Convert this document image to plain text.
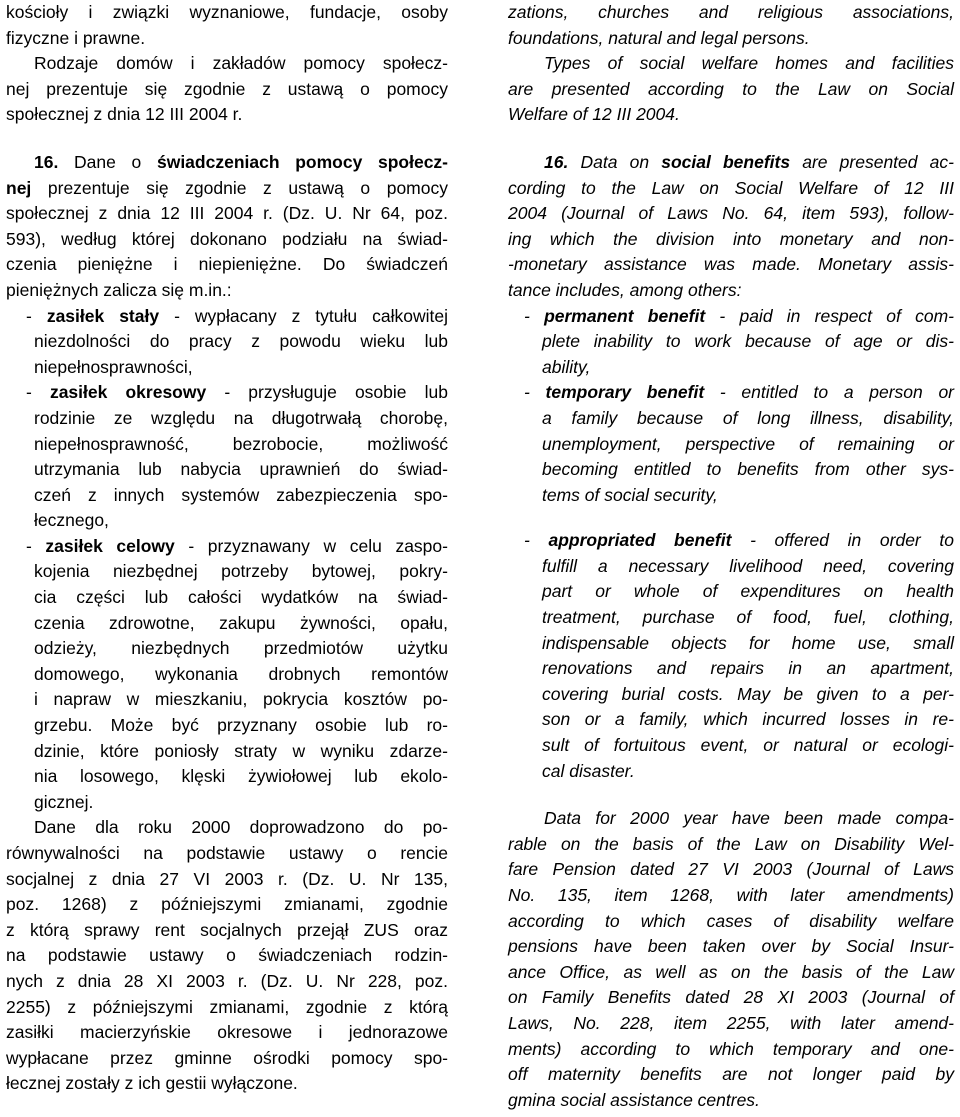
kościoły i związki wyznaniowe, fundacje, osoby
fizyczne i prawne.
Rodzaje domów i zakładów pomocy społecz-
nej prezentuje się zgodnie z ustawą o pomocy
społecznej z dnia 12 III 2004 r.
16. Dane o świadczeniach pomocy społecz-
nej prezentuje się zgodnie z ustawą o pomocy
społecznej z dnia 12 III 2004 r. (Dz. U. Nr 64, poz.
593), według której dokonano podziału na świad-
czenia pieniężne i niepieniężne. Do świadczeń
pieniężnych zalicza się m.in.:
- zasiłek stały - wypłacany z tytułu całkowitej
niezdolności do pracy z powodu wieku lub
niepełnosprawności,
- zasiłek okresowy - przysługuje osobie lub
rodzinie ze względu na długotrwałą chorobę,
niepełnosprawność, bezrobocie, możliwość
utrzymania lub nabycia uprawnień do świad-
czeń z innych systemów zabezpieczenia spo-
łecznego,
- zasiłek celowy - przyznawany w celu zaspo-
kojenia niezbędnej potrzeby bytowej, pokry-
cia części lub całości wydatków na świad-
czenia zdrowotne, zakupu żywności, opału,
odzieży, niezbędnych przedmiotów użytku
domowego, wykonania drobnych remontów
i napraw w mieszkaniu, pokrycia kosztów po-
grzebu. Może być przyznany osobie lub ro-
dzinie, które poniosły straty w wyniku zdarze-
nia losowego, klęski żywiołowej lub ekolo-
gicznej.
Dane dla roku 2000 doprowadzono do po-
równywalności na podstawie ustawy o rencie
socjalnej z dnia 27 VI 2003 r. (Dz. U. Nr 135,
poz. 1268) z późniejszymi zmianami, zgodnie
z którą sprawy rent socjalnych przejął ZUS oraz
na podstawie ustawy o świadczeniach rodzin-
nych z dnia 28 XI 2003 r. (Dz. U. Nr 228, poz.
2255) z późniejszymi zmianami, zgodnie z którą
zasiłki macierzyńskie okresowe i jednorazowe
wypłacane przez gminne ośrodki pomocy spo-
łecznej zostały z ich gestii wyłączone.
zations, churches and religious associations,
foundations, natural and legal persons.
Types of social welfare homes and facilities
are presented according to the Law on Social
Welfare of 12 III 2004.
16. Data on social benefits are presented ac-
cording to the Law on Social Welfare of 12 III
2004 (Journal of Laws No. 64, item 593), follow-
ing which the division into monetary and non-
-monetary assistance was made. Monetary assis-
tance includes, among others:
- permanent benefit - paid in respect of com-
plete inability to work because of age or dis-
ability,
- temporary benefit - entitled to a person or
a family because of long illness, disability,
unemployment, perspective of remaining or
becoming entitled to benefits from other sys-
tems of social security,
- appropriated benefit - offered in order to
fulfill a necessary livelihood need, covering
part or whole of expenditures on health
treatment, purchase of food, fuel, clothing,
indispensable objects for home use, small
renovations and repairs in an apartment,
covering burial costs. May be given to a per-
son or a family, which incurred losses in re-
sult of fortuitous event, or natural or ecologi-
cal disaster.
Data for 2000 year have been made compa-
rable on the basis of the Law on Disability Wel-
fare Pension dated 27 VI 2003 (Journal of Laws
No. 135, item 1268, with later amendments)
according to which cases of disability welfare
pensions have been taken over by Social Insur-
ance Office, as well as on the basis of the Law
on Family Benefits dated 28 XI 2003 (Journal of
Laws, No. 228, item 2255, with later amend-
ments) according to which temporary and one-
off maternity benefits are not longer paid by
gmina social assistance centres.
